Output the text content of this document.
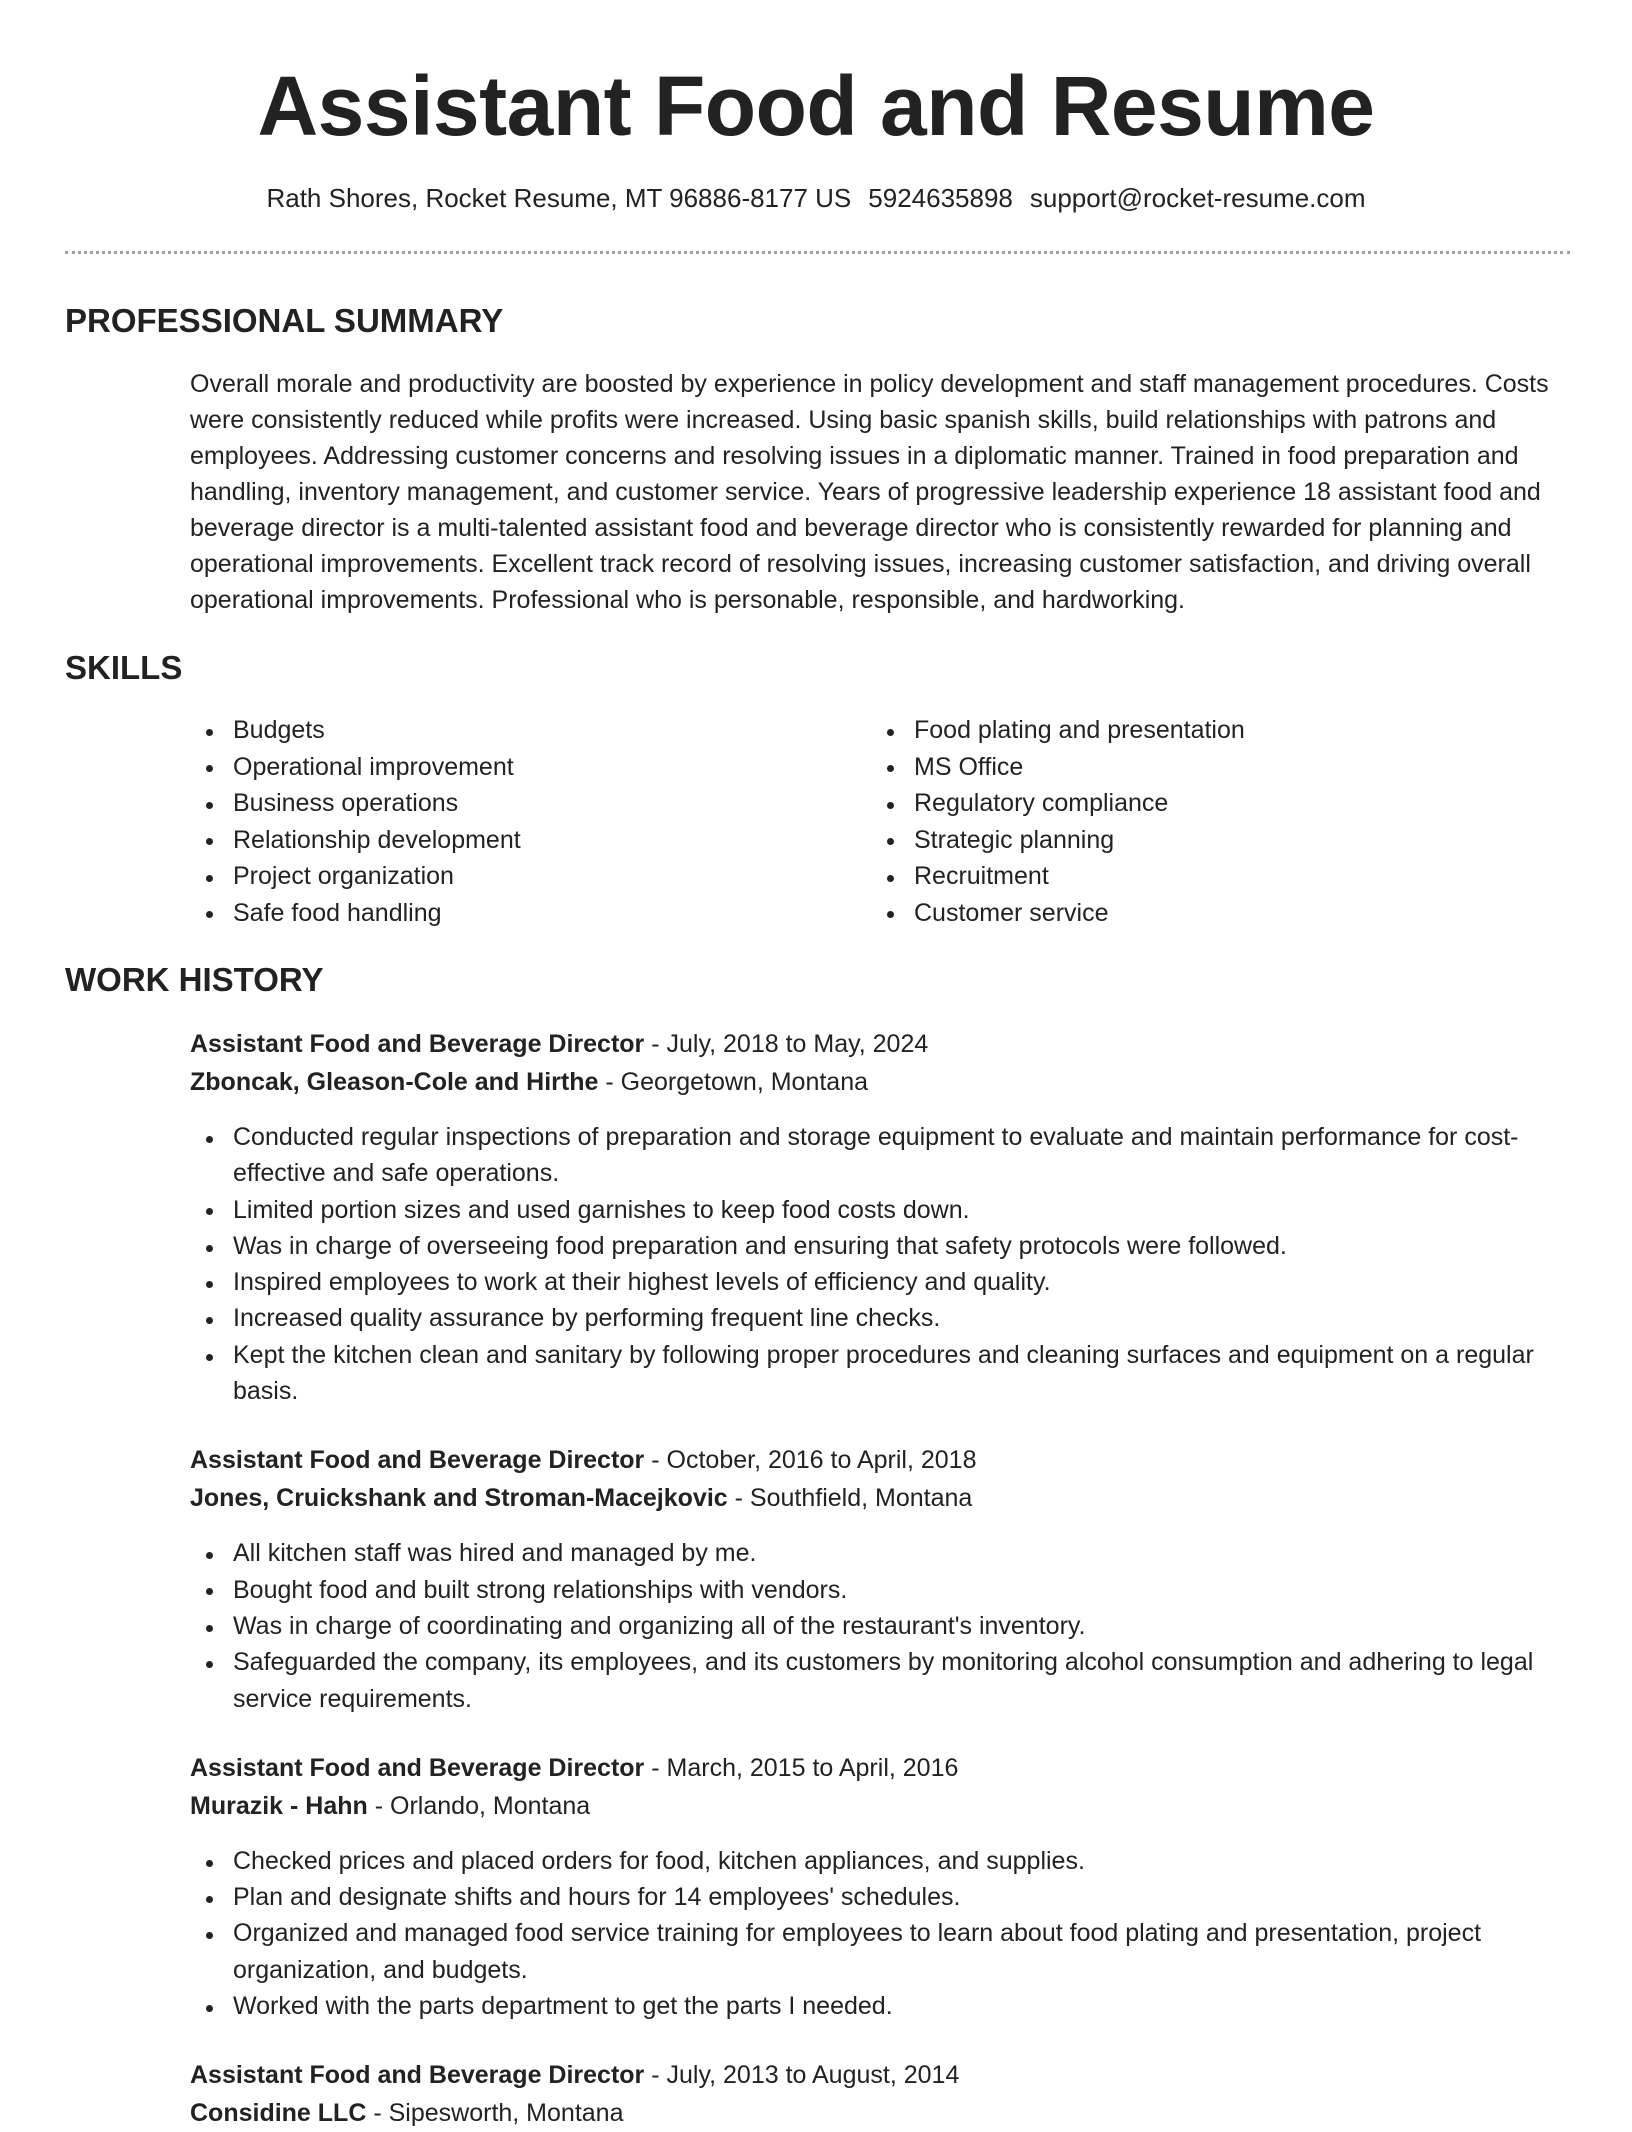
Assistant Food and Resume
Rath Shores, Rocket Resume, MT 96886-8177 US 5924635898 support@rocket-resume.com
PROFESSIONAL SUMMARY

Overall morale and productivity are boosted by experience in policy development and staff management procedures. Costs were consistently reduced while profits were increased. Using basic spanish skills, build relationships with patrons and employees. Addressing customer concerns and resolving issues in a diplomatic manner. Trained in food preparation and handling, inventory management, and customer service. Years of progressive leadership experience 18 assistant food and beverage director is a multi-talented assistant food and beverage director who is consistently rewarded for planning and operational improvements. Excellent track record of resolving issues, increasing customer satisfaction, and driving overall operational improvements. Professional who is personable, responsible, and hardworking.

SKILLS
Budgets
Operational improvement
Business operations
Relationship development
Project organization
Safe food handling
Food plating and presentation
MS Office
Regulatory compliance
Strategic planning
Recruitment
Customer service
WORK HISTORY
Assistant Food and Beverage Director - July, 2018 to May, 2024
Zboncak, Gleason-Cole and Hirthe - Georgetown, Montana
Conducted regular inspections of preparation and storage equipment to evaluate and maintain performance for cost-effective and safe operations.
Limited portion sizes and used garnishes to keep food costs down.
Was in charge of overseeing food preparation and ensuring that safety protocols were followed.
Inspired employees to work at their highest levels of efficiency and quality.
Increased quality assurance by performing frequent line checks.
Kept the kitchen clean and sanitary by following proper procedures and cleaning surfaces and equipment on a regular basis.
Assistant Food and Beverage Director - October, 2016 to April, 2018
Jones, Cruickshank and Stroman-Macejkovic - Southfield, Montana
All kitchen staff was hired and managed by me.
Bought food and built strong relationships with vendors.
Was in charge of coordinating and organizing all of the restaurant's inventory.
Safeguarded the company, its employees, and its customers by monitoring alcohol consumption and adhering to legal service requirements.
Assistant Food and Beverage Director - March, 2015 to April, 2016
Murazik - Hahn - Orlando, Montana
Checked prices and placed orders for food, kitchen appliances, and supplies.
Plan and designate shifts and hours for 14 employees' schedules.
Organized and managed food service training for employees to learn about food plating and presentation, project organization, and budgets.
Worked with the parts department to get the parts I needed.
Assistant Food and Beverage Director - July, 2013 to August, 2014
Considine LLC - Sipesworth, Montana
